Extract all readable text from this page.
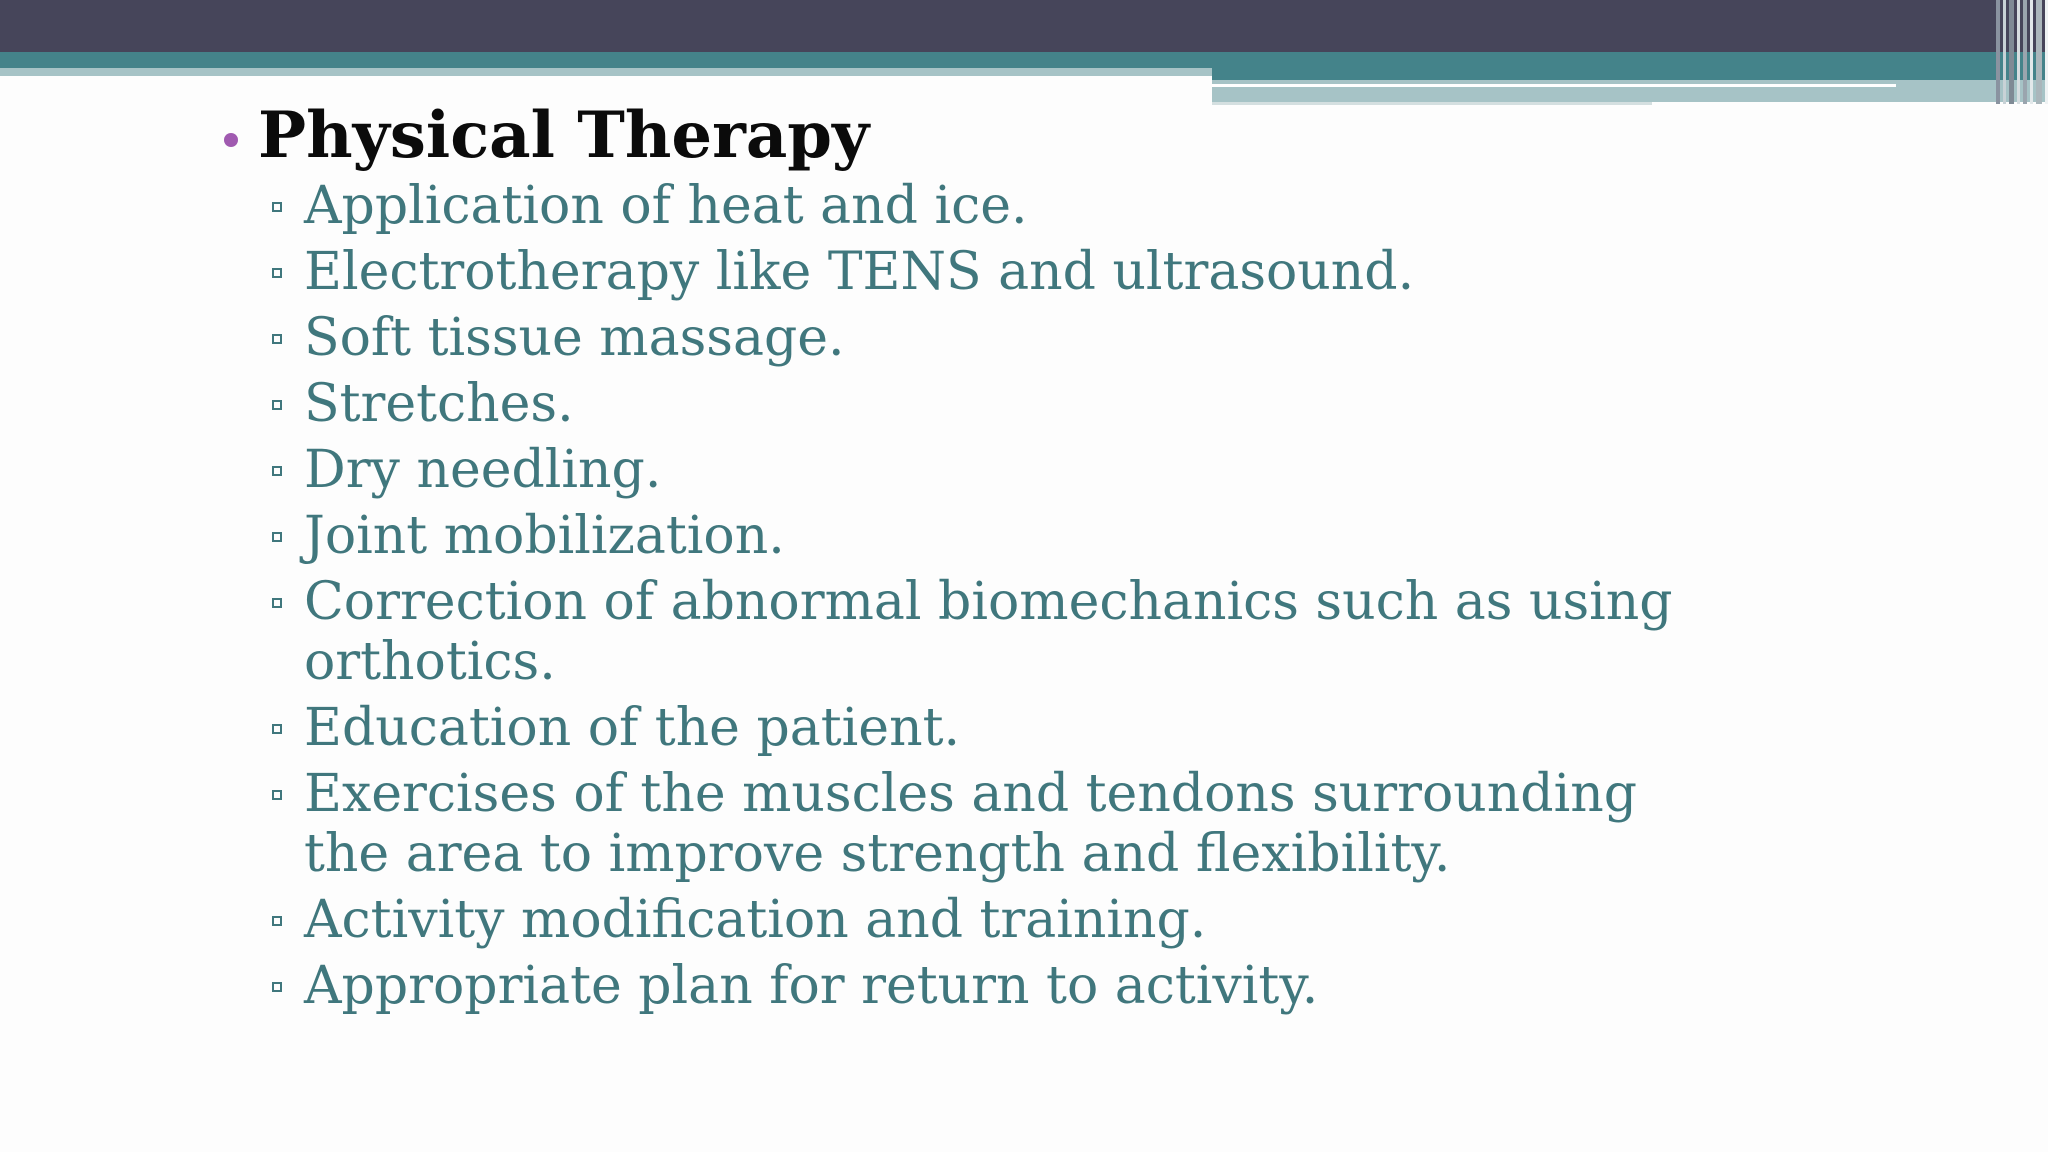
Physical Therapy
Application of heat and ice.
Electrotherapy like TENS and ultrasound.
Soft tissue massage.
Stretches.
Dry needling.
Joint mobilization.
Correction of abnormal biomechanics such as using orthotics.
Education of the patient.
Exercises of the muscles and tendons surrounding the area to improve strength and flexibility.
Activity modification and training.
Appropriate plan for return to activity.
